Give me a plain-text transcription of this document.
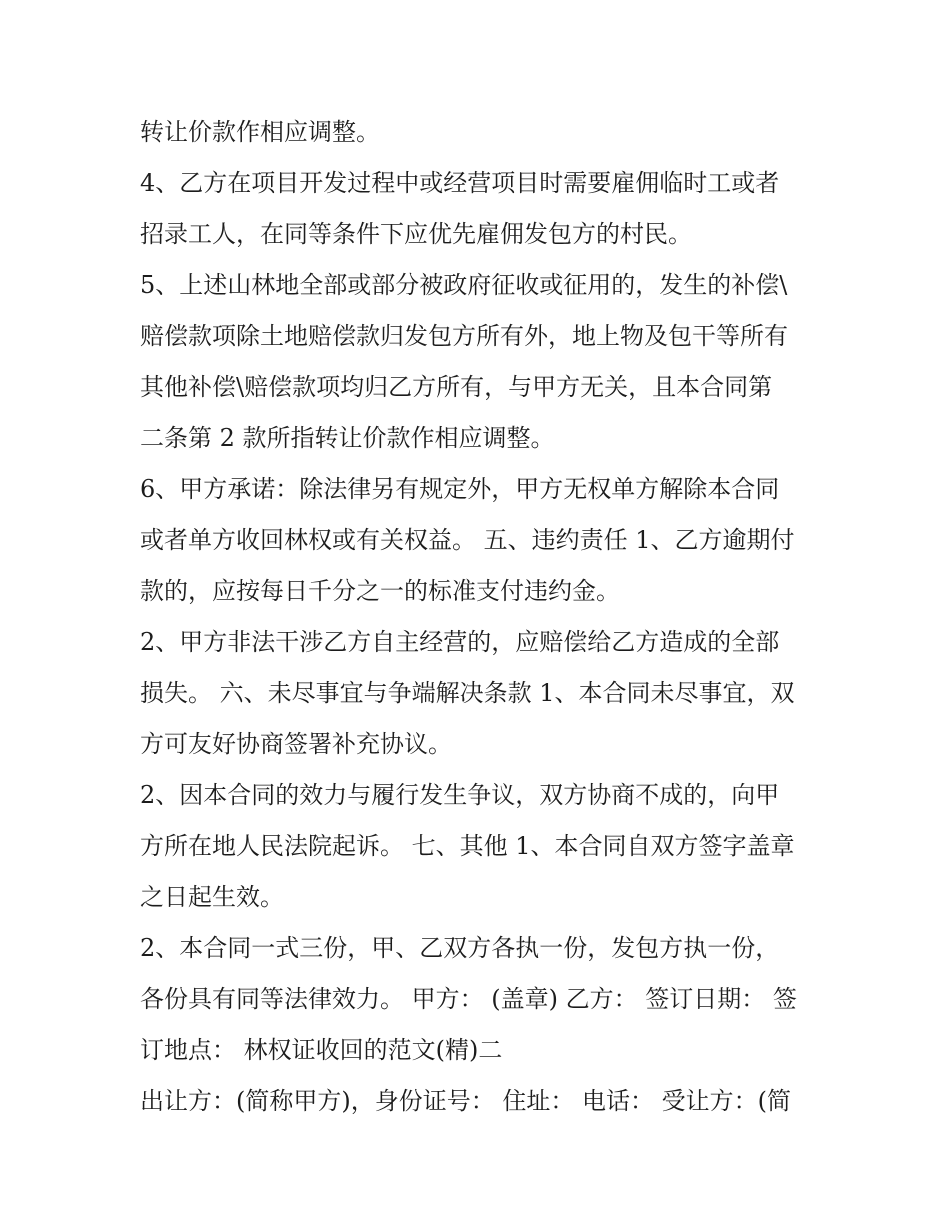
转让价款作相应调整。
4、乙方在项目开发过程中或经营项目时需要雇佣临时工或者
招录工人，在同等条件下应优先雇佣发包方的村民。
5、上述山林地全部或部分被政府征收或征用的，发生的补偿\
赔偿款项除土地赔偿款归发包方所有外，地上物及包干等所有
其他补偿\赔偿款项均归乙方所有，与甲方无关，且本合同第
二条第 2 款所指转让价款作相应调整。
6、甲方承诺：除法律另有规定外，甲方无权单方解除本合同
或者单方收回林权或有关权益。 五、违约责任 1、乙方逾期付
款的，应按每日千分之一的标准支付违约金。
2、甲方非法干涉乙方自主经营的，应赔偿给乙方造成的全部
损失。 六、未尽事宜与争端解决条款 1、本合同未尽事宜，双
方可友好协商签署补充协议。
2、因本合同的效力与履行发生争议，双方协商不成的，向甲
方所在地人民法院起诉。 七、其他 1、本合同自双方签字盖章
之日起生效。
2、本合同一式三份，甲、乙双方各执一份，发包方执一份，
各份具有同等法律效力。 甲方： (盖章) 乙方： 签订日期： 签
订地点： 林权证收回的范文(精)二
出让方：(简称甲方)，身份证号： 住址： 电话： 受让方：(简
